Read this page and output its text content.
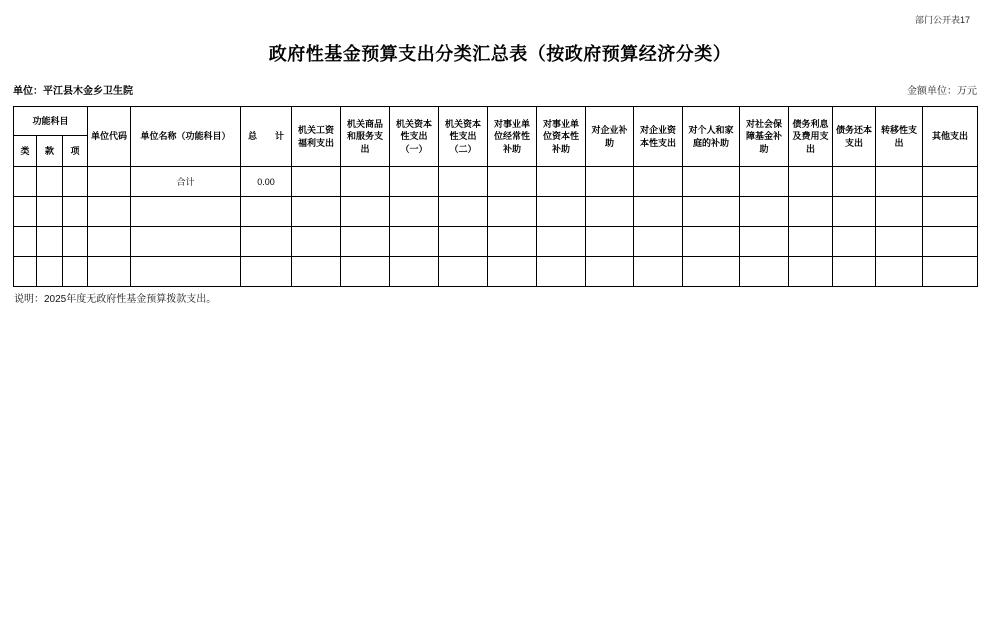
部门公开表17
政府性基金预算支出分类汇总表（按政府预算经济分类）
单位：平江县木金乡卫生院	金额单位：万元
功能科目			单位代码	单位名称（功能科目）	总　　计	机关工资福利支出	机关商品和服务支出	机关资本性支出（一）	机关资本性支出（二）	对事业单位经常性补助	对事业单位资本性补助	对企业补助	对企业资本性支出	对个人和家庭的补助	对社会保障基金补助	债务利息及费用支出	债务还本支出	转移性支出	其他支出
类	款	项																	
				合计	0.00														

说明：2025年度无政府性基金预算拨款支出。
